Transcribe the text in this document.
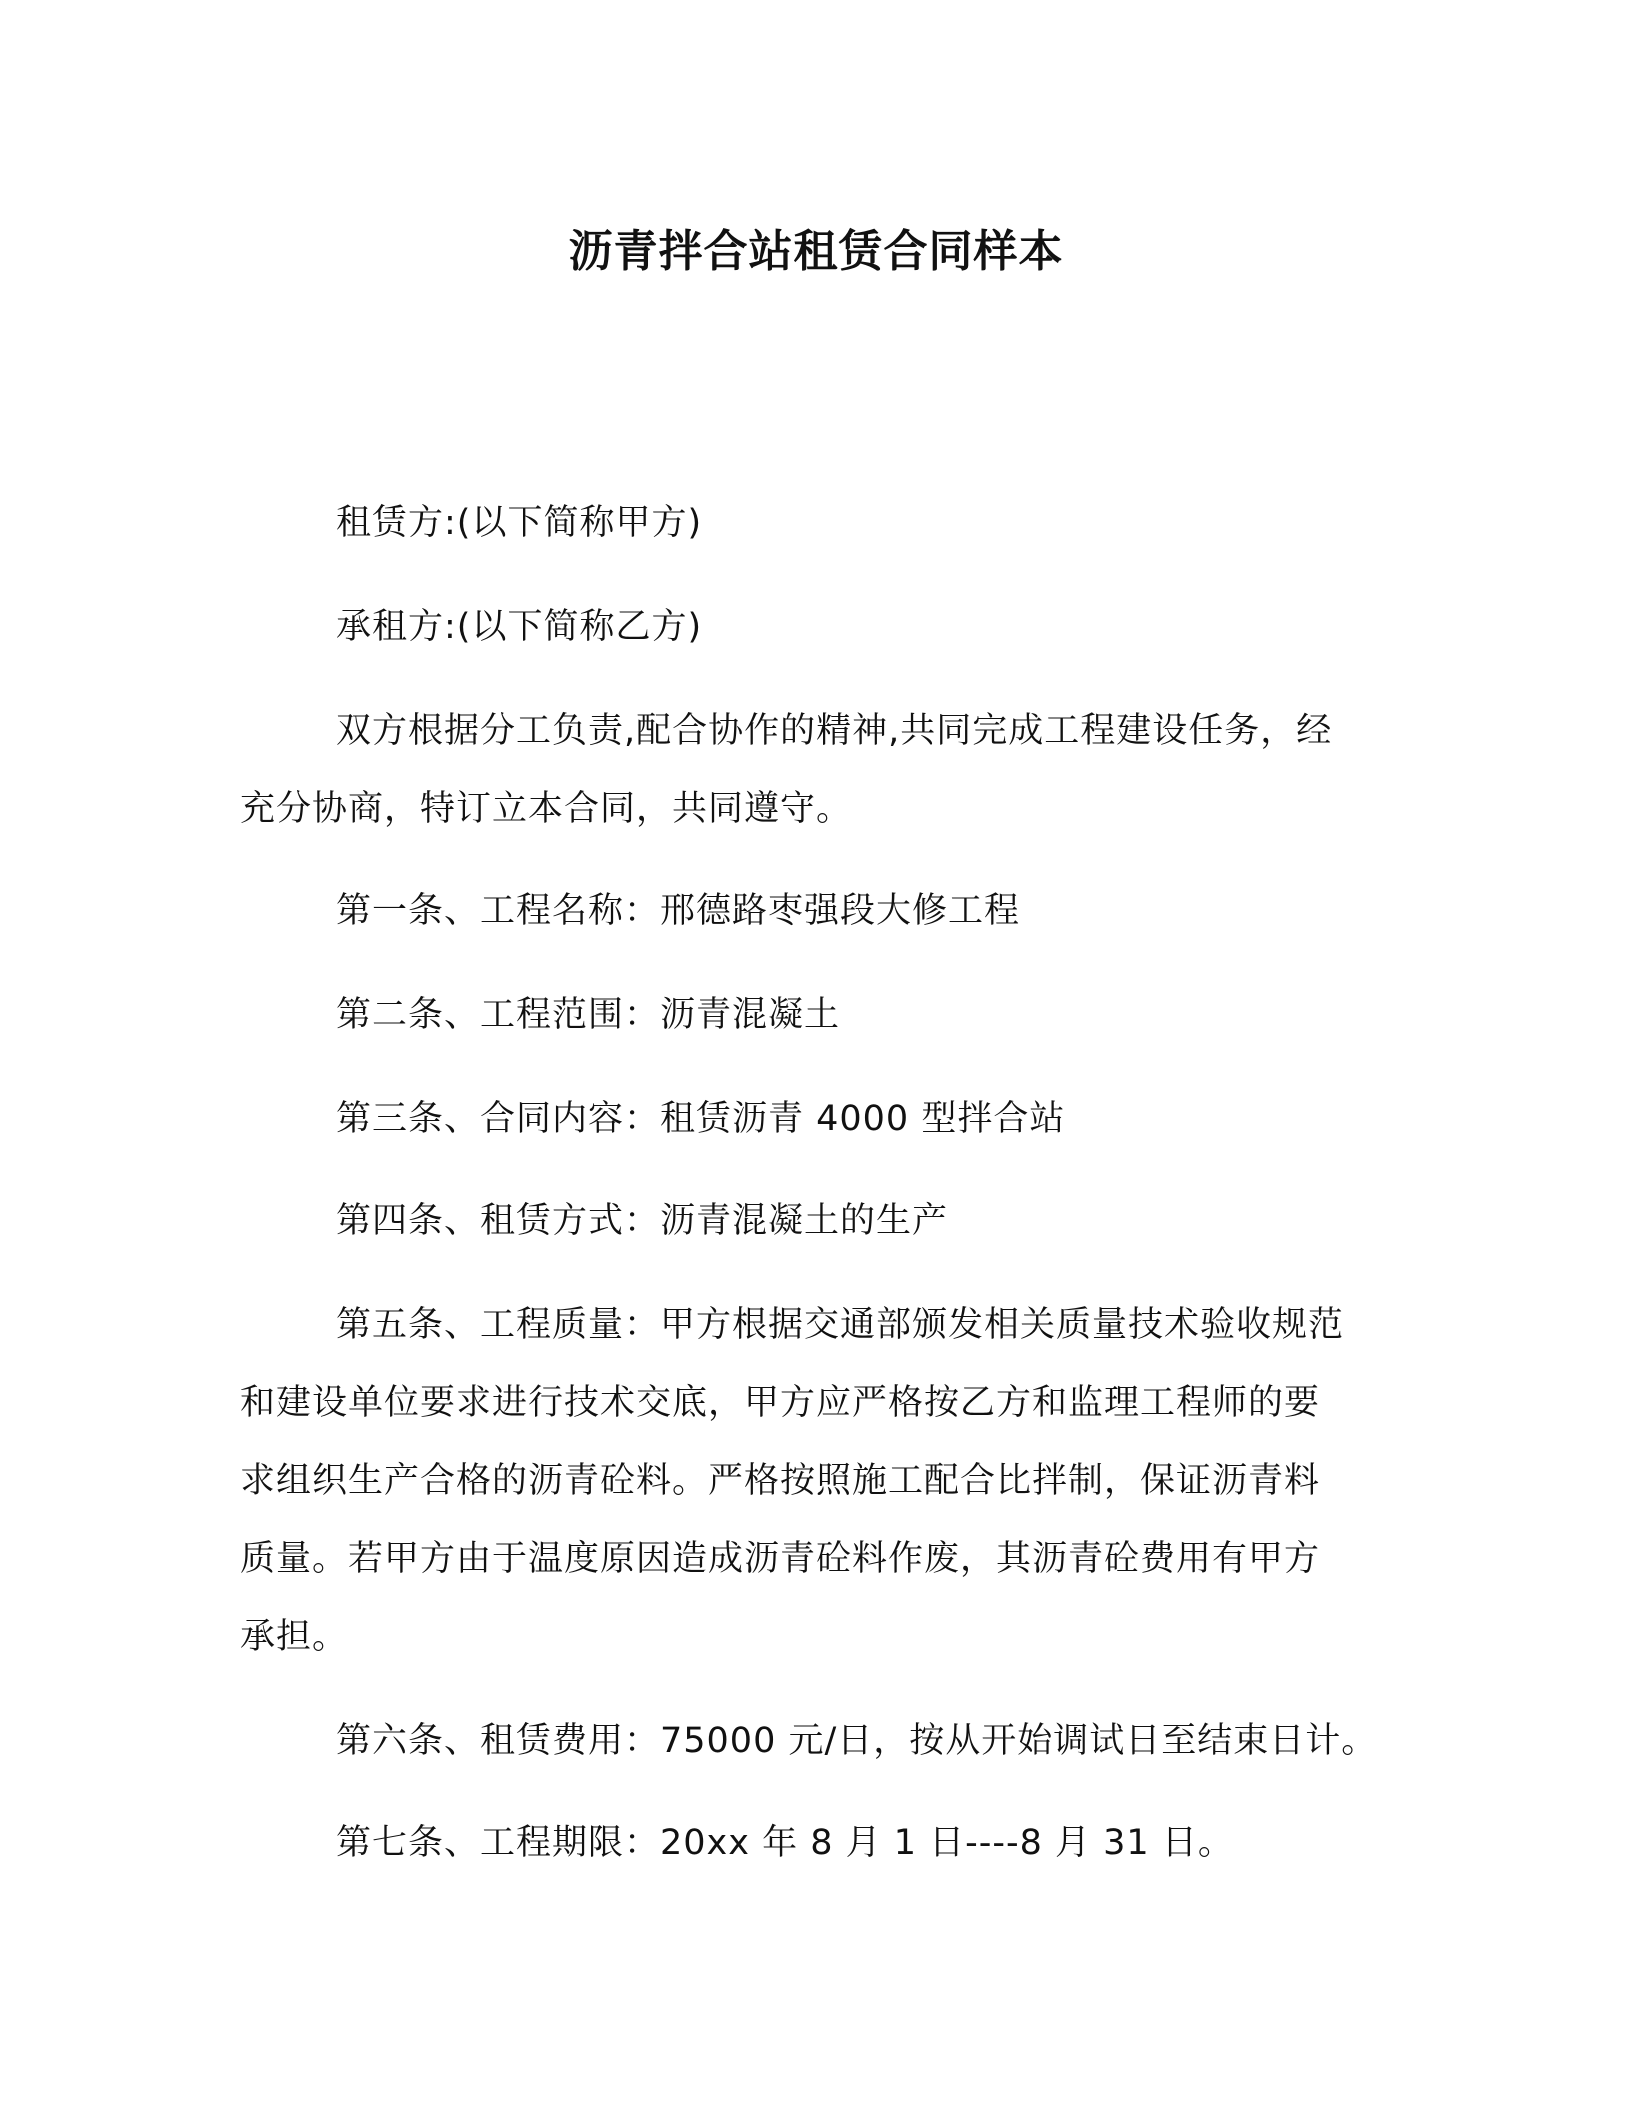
沥青拌合站租赁合同样本
租赁方:(以下简称甲方)
承租方:(以下简称乙方)
双方根据分工负责,配合协作的精神,共同完成工程建设任务，经
充分协商，特订立本合同，共同遵守。
第一条、工程名称：邢德路枣强段大修工程
第二条、工程范围：沥青混凝土
第三条、合同内容：租赁沥青 4000 型拌合站
第四条、租赁方式：沥青混凝土的生产
第五条、工程质量：甲方根据交通部颁发相关质量技术验收规范
和建设单位要求进行技术交底，甲方应严格按乙方和监理工程师的要
求组织生产合格的沥青砼料。严格按照施工配合比拌制，保证沥青料
质量。若甲方由于温度原因造成沥青砼料作废，其沥青砼费用有甲方
承担。
第六条、租赁费用：75000 元/日，按从开始调试日至结束日计。
第七条、工程期限：20xx 年 8 月 1 日----8 月 31 日。
